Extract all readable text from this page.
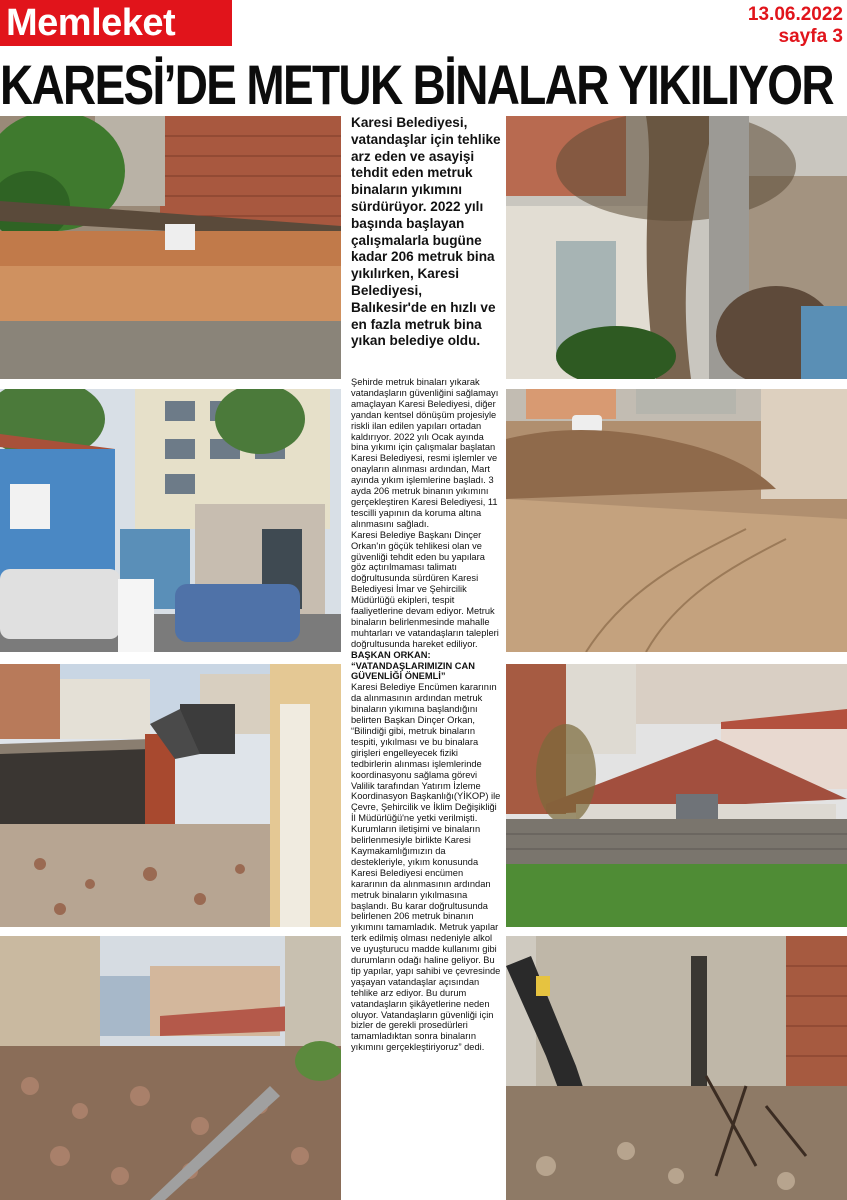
Memleket	13.06.2022
sayfa 3
KARESİ’DE METUK BİNALAR YIKILIYOR
Karesi Belediyesi, vatandaşlar için tehlike arz eden ve asayişi tehdit eden metruk binaların yıkımını sürdürüyor. 2022 yılı başında başlayan çalışmalarla bugüne kadar 206 metruk bina yıkılırken, Karesi Belediyesi, Balıkesir'de en hızlı ve en fazla metruk bina yıkan belediye oldu.

Şehirde metruk binaları yıkarak vatandaşların güvenliğini sağlamayı amaçlayan Karesi Belediyesi, diğer yandan kentsel dönüşüm projesiyle riskli ilan edilen yapıları ortadan kaldırıyor. 2022 yılı Ocak ayında bina yıkımı için çalışmalar başlatan Karesi Belediyesi, resmi işlemler ve onayların alınması ardından, Mart ayında yıkım işlemlerine başladı. 3 ayda 206 metruk binanın yıkımını gerçekleştiren Karesi Belediyesi, 11 tescilli yapının da koruma altına alınmasını sağladı.

Karesi Belediye Başkanı Dinçer Orkan'ın göçük tehlikesi olan ve güvenliği tehdit eden bu yapılara göz açtırılmaması talimatı doğrultusunda sürdüren Karesi Belediyesi İmar ve Şehircilik Müdürlüğü ekipleri, tespit faaliyetlerine devam ediyor. Metruk binaların belirlenmesinde mahalle muhtarları ve vatandaşların talepleri doğrultusunda hareket ediliyor.

BAŞKAN ORKAN: “VATANDAŞLARIMIZIN CAN GÜVENLİĞİ ÖNEMLİ”

Karesi Belediye Encümen kararının da alınmasının ardından metruk binaların yıkımına başlandığını belirten Başkan Dinçer Orkan, “Bilindiği gibi, metruk binaların tespiti, yıkılması ve bu binalara girişleri engelleyecek fiziki tedbirlerin alınması işlemlerinde koordinasyonu sağlama görevi Valilik tarafından Yatırım İzleme Koordinasyon Başkanlığı(YİKOP) ile Çevre, Şehircilik ve İklim Değişikliği İl Müdürlüğü'ne yetki verilmişti. Kurumların iletişimi ve binaların belirlenmesiyle birlikte Karesi Kaymakamlığımızın da destekleriyle, yıkım konusunda Karesi Belediyesi encümen kararının da alınmasının ardından metruk binaların yıkılmasına başlandı. Bu karar doğrultusunda belirlenen 206 metruk binanın yıkımını tamamladık. Metruk yapılar terk edilmiş olması nedeniyle alkol ve uyuşturucu madde kullanımı gibi durumların odağı haline geliyor. Bu tip yapılar, yapı sahibi ve çevresinde yaşayan vatandaşlar açısından tehlike arz ediyor. Bu durum vatandaşların şikâyetlerine neden oluyor. Vatandaşların güvenliği için bizler de gerekli prosedürleri tamamladıktan sonra binaların yıkımını gerçekleştiriyoruz” dedi.
